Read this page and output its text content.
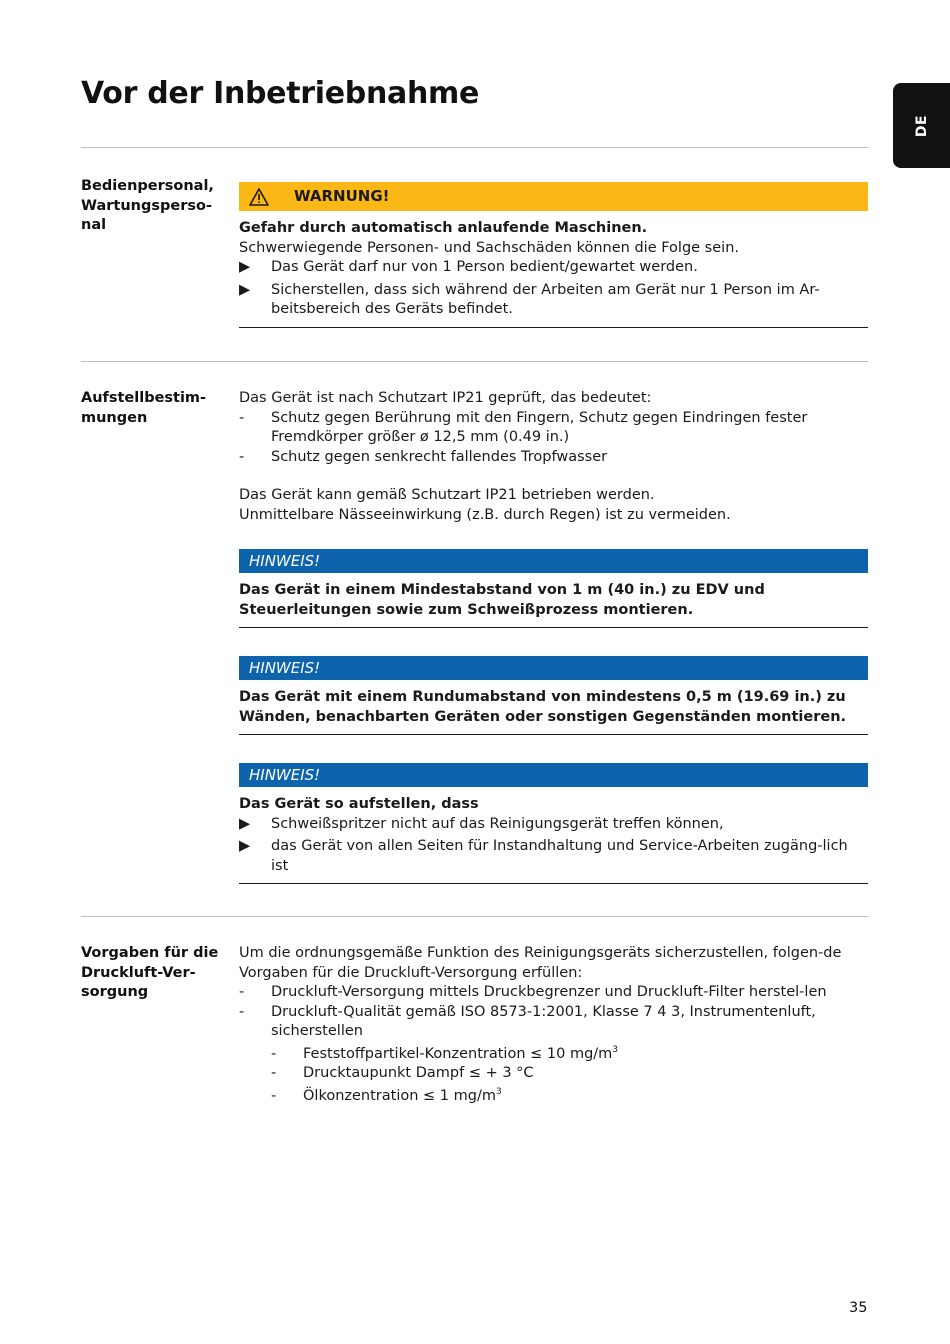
Vor der Inbetriebnahme
DE
Bedienpersonal,
Wartungsperso-
nal
WARNUNG!

Gefahr durch automatisch anlaufende Maschinen.

Schwerwiegende Personen- und Sachschäden können die Folge sein.

▶	Das Gerät darf nur von 1 Person bedient/gewartet werden.
▶	Sicherstellen, dass sich während der Arbeiten am Gerät nur 1 Person im Ar-beitsbereich des Geräts befindet.
Aufstellbestim-
mungen

Das Gerät ist nach Schutzart IP21 geprüft, das bedeutet:

-	Schutz gegen Berührung mit den Fingern, Schutz gegen Eindringen fester Fremdkörper größer ø 12,5 mm (0.49 in.)
-	Schutz gegen senkrecht fallendes Tropfwasser

Das Gerät kann gemäß Schutzart IP21 betrieben werden.

Unmittelbare Nässeeinwirkung (z.B. durch Regen) ist zu vermeiden.

HINWEIS!

Das Gerät in einem Mindestabstand von 1 m (40 in.) zu EDV und Steuerleitungen sowie zum Schweißprozess montieren.

HINWEIS!

Das Gerät mit einem Rundumabstand von mindestens 0,5 m (19.69 in.) zu Wänden, benachbarten Geräten oder sonstigen Gegenständen montieren.

HINWEIS!

Das Gerät so aufstellen, dass

▶	Schweißspritzer nicht auf das Reinigungsgerät treffen können,
▶	das Gerät von allen Seiten für Instandhaltung und Service-Arbeiten zugäng-lich ist
Vorgaben für die
Druckluft-Ver-
sorgung

Um die ordnungsgemäße Funktion des Reinigungsgeräts sicherzustellen, folgen-de Vorgaben für die Druckluft-Versorgung erfüllen:

-	Druckluft-Versorgung mittels Druckbegrenzer und Druckluft-Filter herstel-len
-	Druckluft-Qualität gemäß ISO 8573-1:2001, Klasse 7 4 3, Instrumentenluft, sicherstellen
-	Feststoffpartikel-Konzentration ≤ 10 $mg/m^3$
-	Drucktaupunkt Dampf ≤ + 3 °C
-	Ölkonzentration ≤ 1 $mg/m^3$
35
